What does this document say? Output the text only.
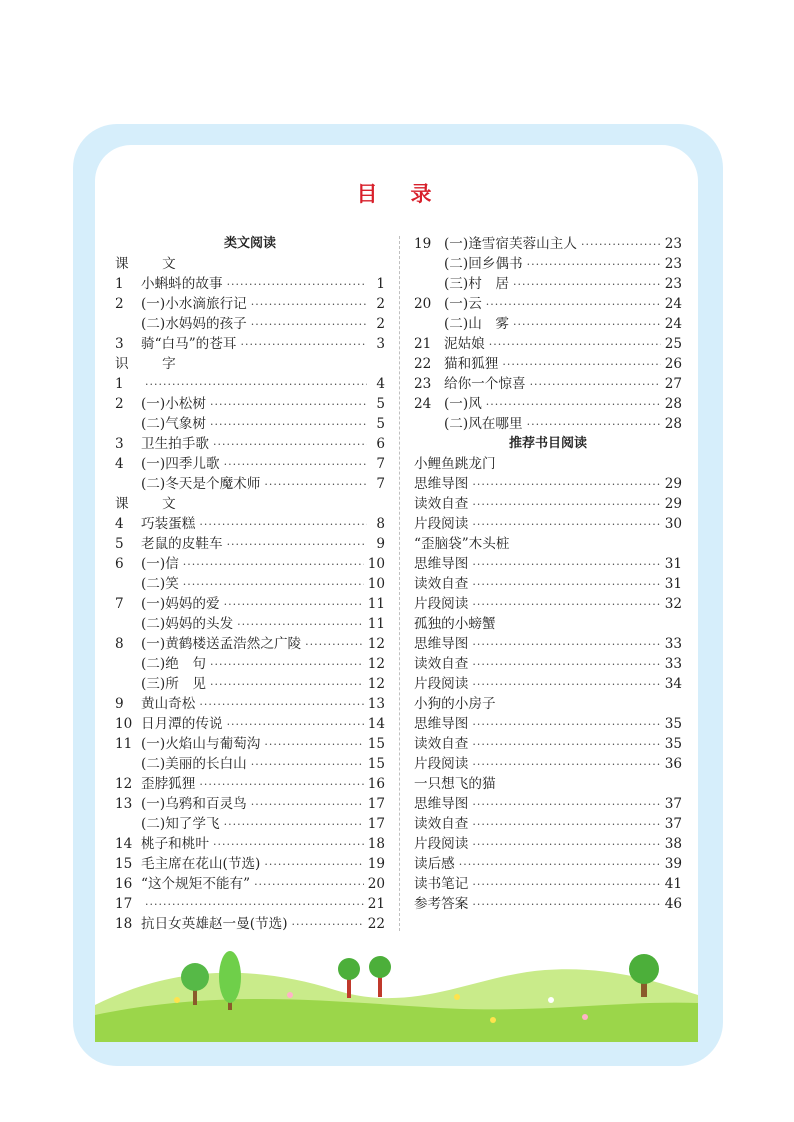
目　录
类文阅读
课　文
1	小蝌蚪的故事 ·····	1
2	(一)小水滴旅行记 ·····	2
(二)水妈妈的孩子 ·····	2
3	骑“白马”的苍耳 ·····	3
识　字
1 ·····	4
2	(一)小松树 ·····	5
(二)气象树 ·····	5
3	卫生拍手歌 ·····	6
4	(一)四季儿歌 ·····	7
(二)冬天是个魔术师 ·····	7
课　文
4	巧装蛋糕 ·····	8
5	老鼠的皮鞋车 ·····	9
6	(一)信 ·····	10
(二)笑 ·····	10
7	(一)妈妈的爱 ·····	11
(二)妈妈的头发 ·····	11
8	(一)黄鹤楼送孟浩然之广陵 ·····	12
(二)绝　句 ·····	12
(三)所　见 ·····	12
9	黄山奇松 ·····	13
10 日月潭的传说 ·····	14
11 (一)火焰山与葡萄沟 ·····	15
(二)美丽的长白山 ·····	15
12 歪脖狐狸 ·····	16
13 (一)乌鸦和百灵鸟 ·····	17
(二)知了学飞 ·····	17
14 桃子和桃叶 ·····	18
15 毛主席在花山(节选) ·····	19
16 “这个规矩不能有” ·····	20
17 ·····	21
18 抗日女英雄赵一曼(节选) ·····	22
19 (一)逢雪宿芙蓉山主人 ·····	23
(二)回乡偶书 ·····	23
(三)村　居 ·····	23
20 (一)云 ·····	24
(二)山　雾 ·····	24
21 泥姑娘 ·····	25
22 猫和狐狸 ·····	26
23 给你一个惊喜 ·····	27
24 (一)风 ·····	28
(二)风在哪里 ·····	28
推荐书目阅读
小鲤鱼跳龙门
思维导图 ·····	29
读效自查 ·····	29
片段阅读 ·····	30
“歪脑袋”木头桩
思维导图 ·····	31
读效自查 ·····	31
片段阅读 ·····	32
孤独的小螃蟹
思维导图 ·····	33
读效自查 ·····	33
片段阅读 ·····	34
小狗的小房子
思维导图 ·····	35
读效自查 ·····	35
片段阅读 ·····	36
一只想飞的猫
思维导图 ·····	37
读效自查 ·····	37
片段阅读 ·····	38
读后感 ·····	39
读书笔记 ·····	41
参考答案 ·····	46
